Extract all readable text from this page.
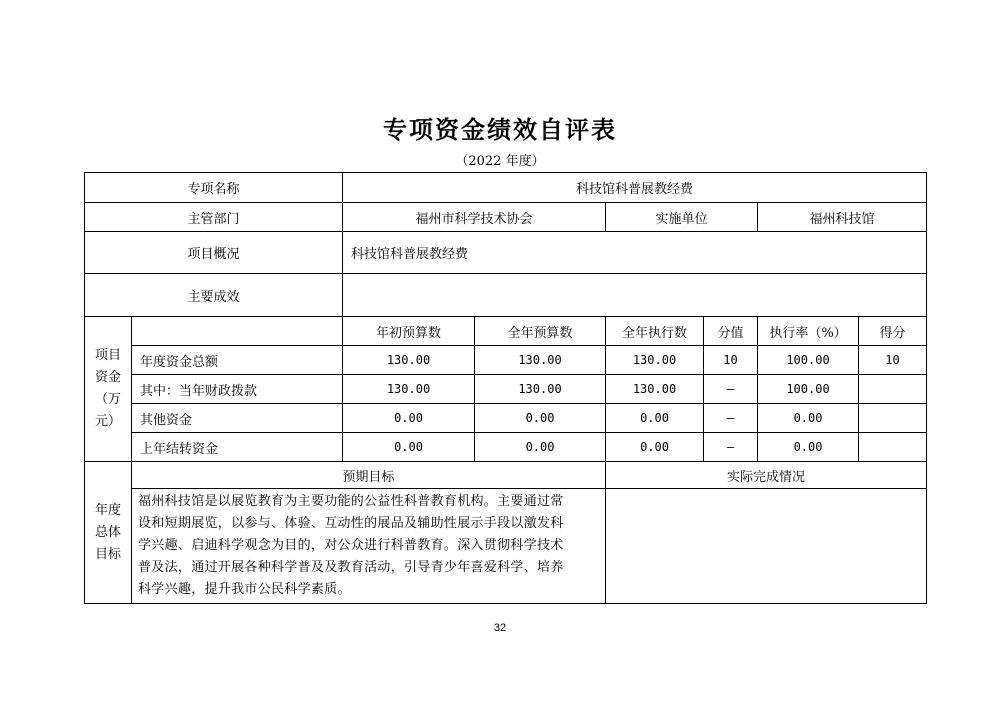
专项资金绩效自评表
（2022 年度）
专项名称		科技馆科普展教经费					
主管部门		福州市科学技术协会		实施单位		福州科技馆	
项目概况		科技馆科普展教经费					
主要成效							

项目
资金
（万
元）		年初预算数	全年预算数	全年执行数	分值	执行率（%）	得分
	年度资金总额	130.00	130.00	130.00	10	100.00	10
	其中：当年财政拨款	130.00	130.00	130.00	—	100.00	
	其他资金	0.00	0.00	0.00	—	0.00	
	上年结转资金	0.00	0.00	0.00	—	0.00	

年度
总体
目标	预期目标			实际完成情况			

	福州科技馆是以展览教育为主要功能的公益性科普教育机构。主要通过常
设和短期展览，以参与、体验、互动性的展品及辅助性展示手段以激发科
学兴趣、启迪科学观念为目的，对公众进行科普教育。深入贯彻科学技术
普及法，通过开展各种科学普及及教育活动，引导青少年喜爱科学、培养
科学兴趣，提升我市公民科学素质。						

32
